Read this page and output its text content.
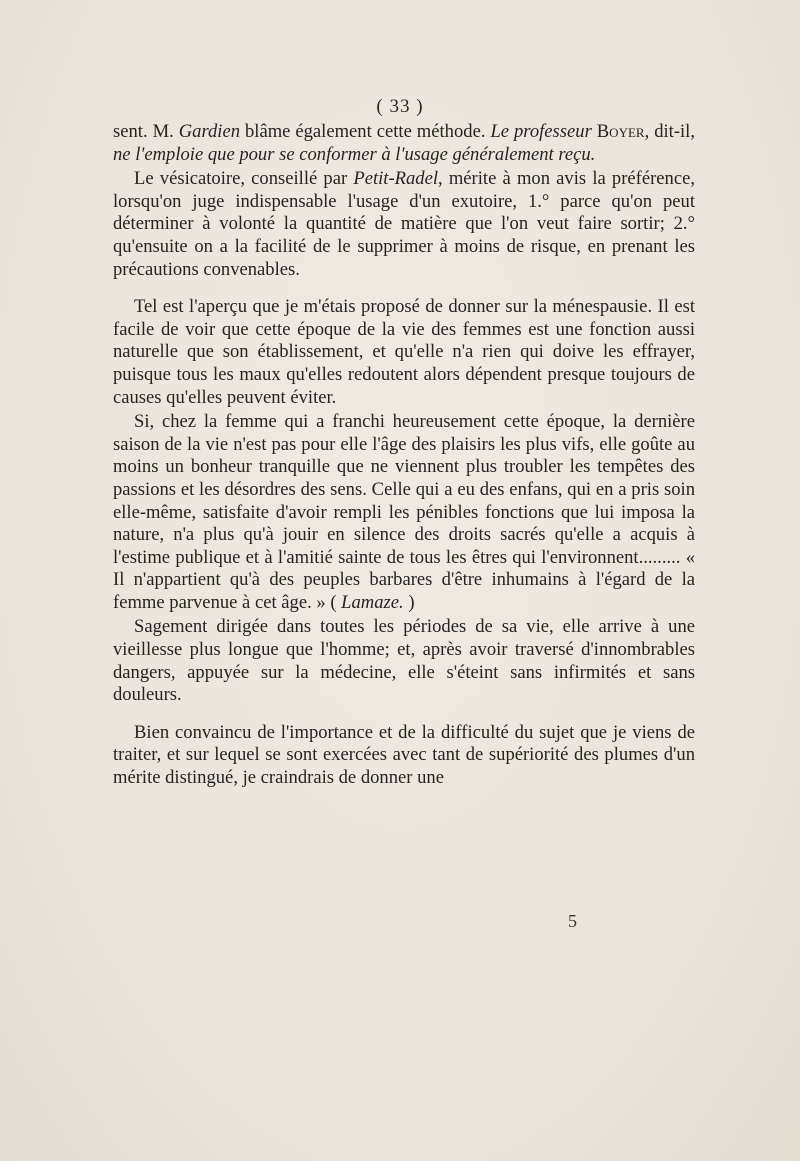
( 33 )

sent. M. Gardien blâme également cette méthode. Le professeur Boyer, dit-il, ne l'emploie que pour se conformer à l'usage généralement reçu.

Le vésicatoire, conseillé par Petit-Radel, mérite à mon avis la préférence, lorsqu'on juge indispensable l'usage d'un exutoire, 1.° parce qu'on peut déterminer à volonté la quantité de matière que l'on veut faire sortir; 2.° qu'ensuite on a la facilité de le supprimer à moins de risque, en prenant les précautions convenables.

Tel est l'aperçu que je m'étais proposé de donner sur la ménespausie. Il est facile de voir que cette époque de la vie des femmes est une fonction aussi naturelle que son établissement, et qu'elle n'a rien qui doive les effrayer, puisque tous les maux qu'elles redoutent alors dépendent presque toujours de causes qu'elles peuvent éviter.

Si, chez la femme qui a franchi heureusement cette époque, la dernière saison de la vie n'est pas pour elle l'âge des plaisirs les plus vifs, elle goûte au moins un bonheur tranquille que ne viennent plus troubler les tempêtes des passions et les désordres des sens. Celle qui a eu des enfans, qui en a pris soin elle-même, satisfaite d'avoir rempli les pénibles fonctions que lui imposa la nature, n'a plus qu'à jouir en silence des droits sacrés qu'elle a acquis à l'estime publique et à l'amitié sainte de tous les êtres qui l'environnent......... « Il n'appartient qu'à des peuples barbares d'être inhumains à l'égard de la femme parvenue à cet âge. » ( Lamaze. )

Sagement dirigée dans toutes les périodes de sa vie, elle arrive à une vieillesse plus longue que l'homme; et, après avoir traversé d'innombrables dangers, appuyée sur la médecine, elle s'éteint sans infirmités et sans douleurs.

Bien convaincu de l'importance et de la difficulté du sujet que je viens de traiter, et sur lequel se sont exercées avec tant de supériorité des plumes d'un mérite distingué, je craindrais de donner une

5
